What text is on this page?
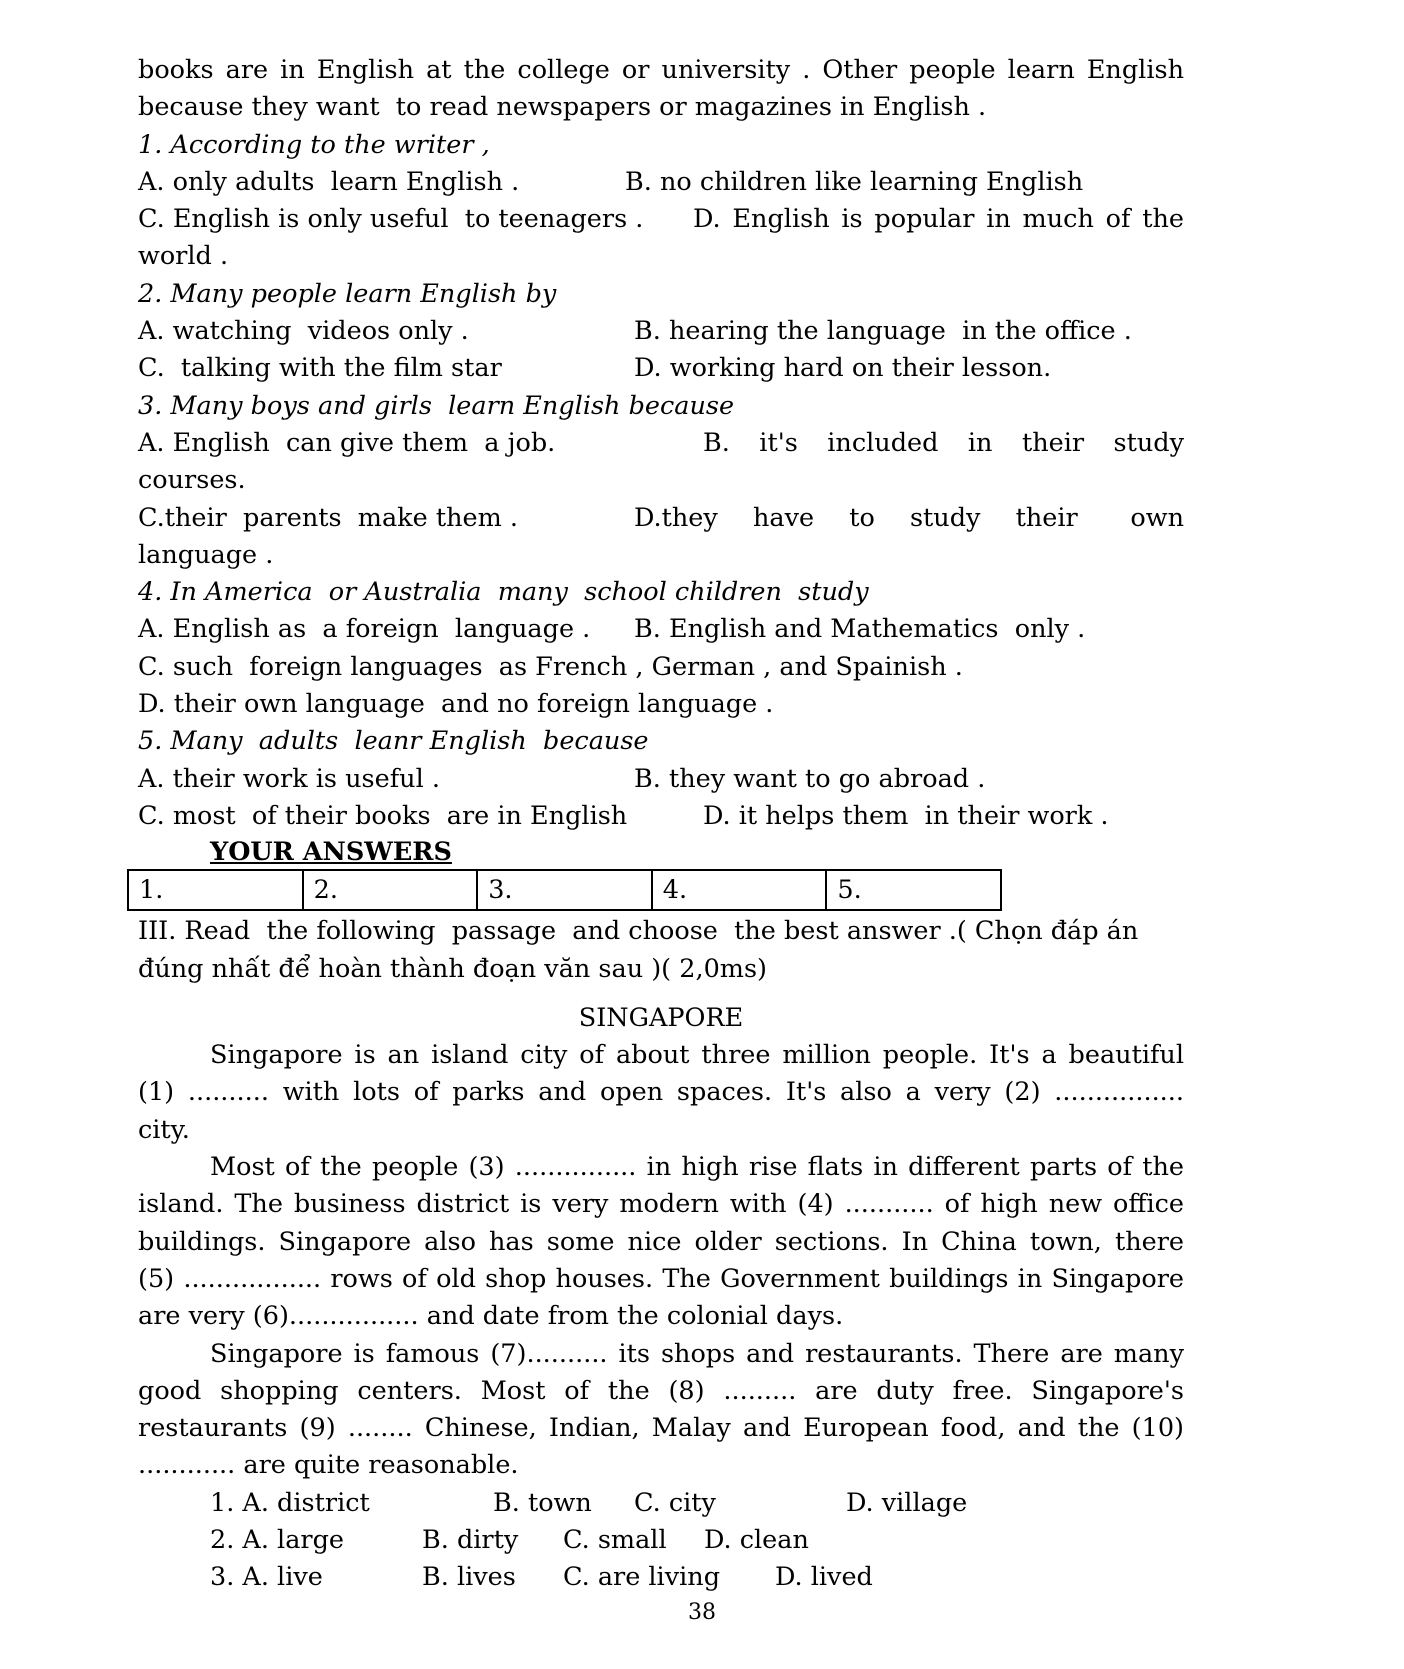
books are in English at the college or university . Other people learn English
because they want  to read newspapers or magazines in English .
1. According to the writer ,
A. only adults  learn English .	B. no children like learning English
C. English is only useful  to teenagers .	D. English is popular in much of the
world .
2. Many people learn English by
A. watching  videos only .	B. hearing the language  in the office .
C.  talking with the film star	D. working hard on their lesson.
3. Many boys and girls  learn English because
A. English  can give them  a job.	B.  it's  included  in  their  study
courses.
C.their  parents  make them .	D.they  have  to  study  their   own
language .
4. In America  or Australia  many  school children  study
A. English as  a foreign  language .	B. English and Mathematics  only .
C. such  foreign languages  as French , German , and Spainish .
D. their own language  and no foreign language .
5. Many  adults  leanr English  because
A. their work is useful .	B. they want to go abroad .
C. most  of their books  are in English	D. it helps them  in their work .
YOUR ANSWERS
1.	2.	3.	4.	5.
III. Read  the following  passage  and choose  the best answer .( Chọn đáp án
đúng nhất để hoàn thành đoạn văn sau )( 2,0ms)
SINGAPORE
Singapore is an island city of about three million people. It's a beautiful
(1) .......... with lots of parks and open spaces. It's also a very (2) ................
city.
Most of the people (3) ............... in high rise flats in different parts of the
island. The business district is very modern with (4) ........... of high new office
buildings. Singapore also has some nice older sections. In China town, there
(5) ................. rows of old shop houses. The Government buildings in Singapore
are very (6)................ and date from the colonial days.
Singapore is famous (7).......... its shops and restaurants. There are many
good shopping centers. Most of the (8) ......... are duty free. Singapore's
restaurants (9) ........ Chinese, Indian, Malay and European food, and the (10)
............ are quite reasonable.
1. A. district	B. town	C. city	D. village
2. A. large	B. dirty	C. small	D. clean
3. A. live	B. lives	C. are living	D. lived
38
